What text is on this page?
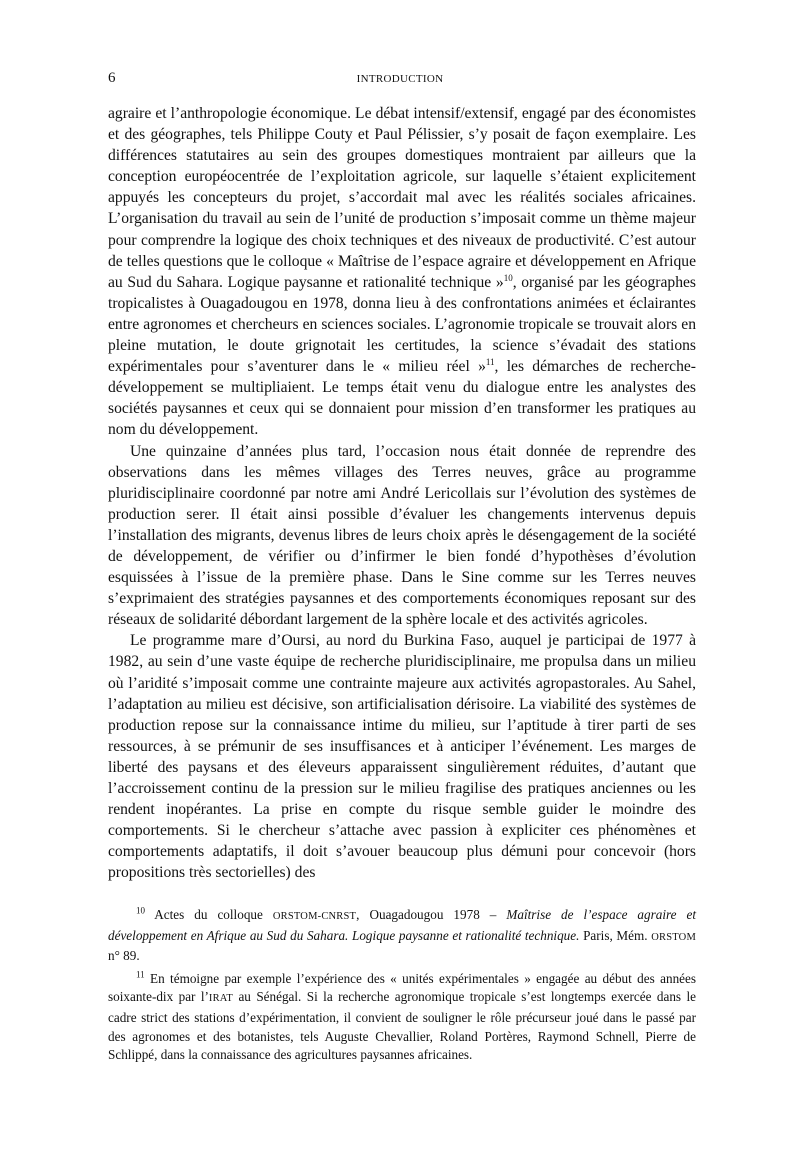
6	INTRODUCTION

agraire et l’anthropologie économique. Le débat intensif/extensif, engagé par des économistes et des géographes, tels Philippe Couty et Paul Pélissier, s’y posait de façon exemplaire. Les différences statutaires au sein des groupes domestiques montraient par ailleurs que la conception européocentrée de l’exploitation agricole, sur laquelle s’étaient explicitement appuyés les concepteurs du projet, s’accordait mal avec les réalités sociales africaines. L’organisation du travail au sein de l’unité de production s’imposait comme un thème majeur pour comprendre la logique des choix techniques et des niveaux de productivité. C’est autour de telles questions que le colloque « Maîtrise de l’espace agraire et développement en Afrique au Sud du Sahara. Logique paysanne et rationalité technique »$^{10}$, organisé par les géographes tropicalistes à Ouagadougou en 1978, donna lieu à des confrontations animées et éclairantes entre agronomes et chercheurs en sciences sociales. L’agronomie tropicale se trouvait alors en pleine mutation, le doute grignotait les certitudes, la science s’évadait des stations expérimentales pour s’aventurer dans le « milieu réel »$^{11}$, les démarches de recherche-développement se multipliaient. Le temps était venu du dialogue entre les analystes des sociétés paysannes et ceux qui se donnaient pour mission d’en transformer les pratiques au nom du développement.

Une quinzaine d’années plus tard, l’occasion nous était donnée de reprendre des observations dans les mêmes villages des Terres neuves, grâce au programme pluridisciplinaire coordonné par notre ami André Lericollais sur l’évolution des systèmes de production serer. Il était ainsi possible d’évaluer les changements intervenus depuis l’installation des migrants, devenus libres de leurs choix après le désengagement de la société de développement, de vérifier ou d’infirmer le bien fondé d’hypothèses d’évolution esquissées à l’issue de la première phase. Dans le Sine comme sur les Terres neuves s’exprimaient des stratégies paysannes et des comportements économiques reposant sur des réseaux de solidarité débordant largement de la sphère locale et des activités agricoles.

Le programme mare d’Oursi, au nord du Burkina Faso, auquel je participai de 1977 à 1982, au sein d’une vaste équipe de recherche pluridisciplinaire, me propulsa dans un milieu où l’aridité s’imposait comme une contrainte majeure aux activités agropastorales. Au Sahel, l’adaptation au milieu est décisive, son artificialisation dérisoire. La viabilité des systèmes de production repose sur la connaissance intime du milieu, sur l’aptitude à tirer parti de ses ressources, à se prémunir de ses insuffisances et à anticiper l’événement. Les marges de liberté des paysans et des éleveurs apparaissent singulièrement réduites, d’autant que l’accroissement continu de la pression sur le milieu fragilise des pratiques anciennes ou les rendent inopérantes. La prise en compte du risque semble guider le moindre des comportements. Si le chercheur s’attache avec passion à expliciter ces phénomènes et comportements adaptatifs, il doit s’avouer beaucoup plus démuni pour concevoir (hors propositions très sectorielles) des

$^{10}$ Actes du colloque ORSTOM-CNRST, Ouagadougou 1978 – Maîtrise de l’espace agraire et développement en Afrique au Sud du Sahara. Logique paysanne et rationalité technique. Paris, Mém. ORSTOM n° 89.

$^{11}$ En témoigne par exemple l’expérience des « unités expérimentales » engagée au début des années soixante-dix par l’IRAT au Sénégal. Si la recherche agronomique tropicale s’est longtemps exercée dans le cadre strict des stations d’expérimentation, il convient de souligner le rôle précurseur joué dans le passé par des agronomes et des botanistes, tels Auguste Chevallier, Roland Portères, Raymond Schnell, Pierre de Schlippé, dans la connaissance des agricultures paysannes africaines.
